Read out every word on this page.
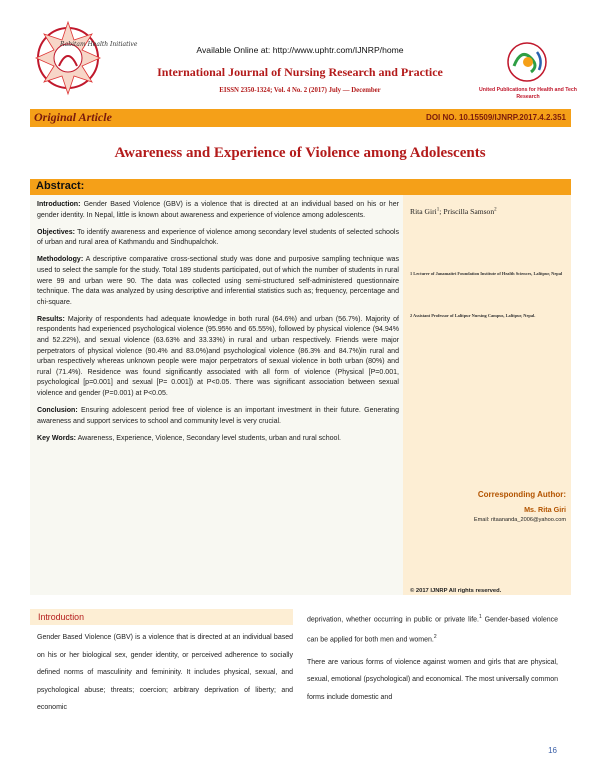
Rabitam Health Initiative
United Publications for Health and Tech Research
Available Online at: http://www.uphtr.com/IJNRP/home
International Journal of Nursing Research and Practice
EISSN 2350-1324; Vol. 4 No. 2 (2017) July — December
Original Article	DOI NO. 10.15509/IJNRP.2017.4.2.351
Awareness and Experience of Violence among Adolescents
Abstract:

Introduction: Gender Based Violence (GBV) is a violence that is directed at an individual based on his or her gender identity. In Nepal, little is known about awareness and experience of violence among adolescents.

Objectives: To identify awareness and experience of violence among secondary level students of selected schools of urban and rural area of Kathmandu and Sindhupalchok.

Methodology: A descriptive comparative cross-sectional study was done and purposive sampling technique was used to select the sample for the study. Total 189 students participated, out of which the number of students in rural were 99 and urban were 90. The data was collected using semi-structured self-administered questionnaire technique. The data was analyzed by using descriptive and inferential statistics such as; frequency, percentage and chi-square.

Results: Majority of respondents had adequate knowledge in both rural (64.6%) and urban (56.7%). Majority of respondents had experienced psychological violence (95.95% and 65.55%), followed by physical violence (94.94% and 52.22%), and sexual violence (63.63% and 33.33%) in rural and urban respectively. Friends were major perpetrators of physical violence (90.4% and 83.0%)and psychological violence (86.3% and 84.7%)in rural and urban respectively whereas unknown people were major perpetrators of sexual violence in both urban (80%) and rural (71.4%). Residence was found significantly associated with all form of violence (Physical [P=0.001, psychological [p=0.001] and sexual [P= 0.001]) at P<0.05. There was significant association between sexual violence and gender (P=0.001) at P<0.05.

Conclusion: Ensuring adolescent period free of violence is an important investment in their future. Generating awareness and support services to school and community level is very crucial.

Key Words: Awareness, Experience, Violence, Secondary level students, urban and rural school.

Rita Giri$^1$; Priscilla Samson$^2$
1 Lecturer of Janamaitri Foundation Institute of Health Sciences, Lalitpur, Nepal
2 Assistant Professor of Lalitpur Nursing Campus, Lalitpur, Nepal.
Corresponding Author:
Ms. Rita Giri
Email: ritaananda_2006@yahoo.com
© 2017 IJNRP All rights reserved.
Introduction
Gender Based Violence (GBV) is a violence that is directed at an individual based on his or her biological sex, gender identity, or perceived adherence to socially defined norms of masculinity and femininity. It includes physical, sexual, and psychological abuse; threats; coercion; arbitrary deprivation of liberty; and economic

deprivation, whether occurring in public or private life.$^1$ Gender-based violence can be applied for both men and women.$^2$

There are various forms of violence against women and girls that are physical, sexual, emotional (psychological) and economical. The most universally common forms include domestic and

16
